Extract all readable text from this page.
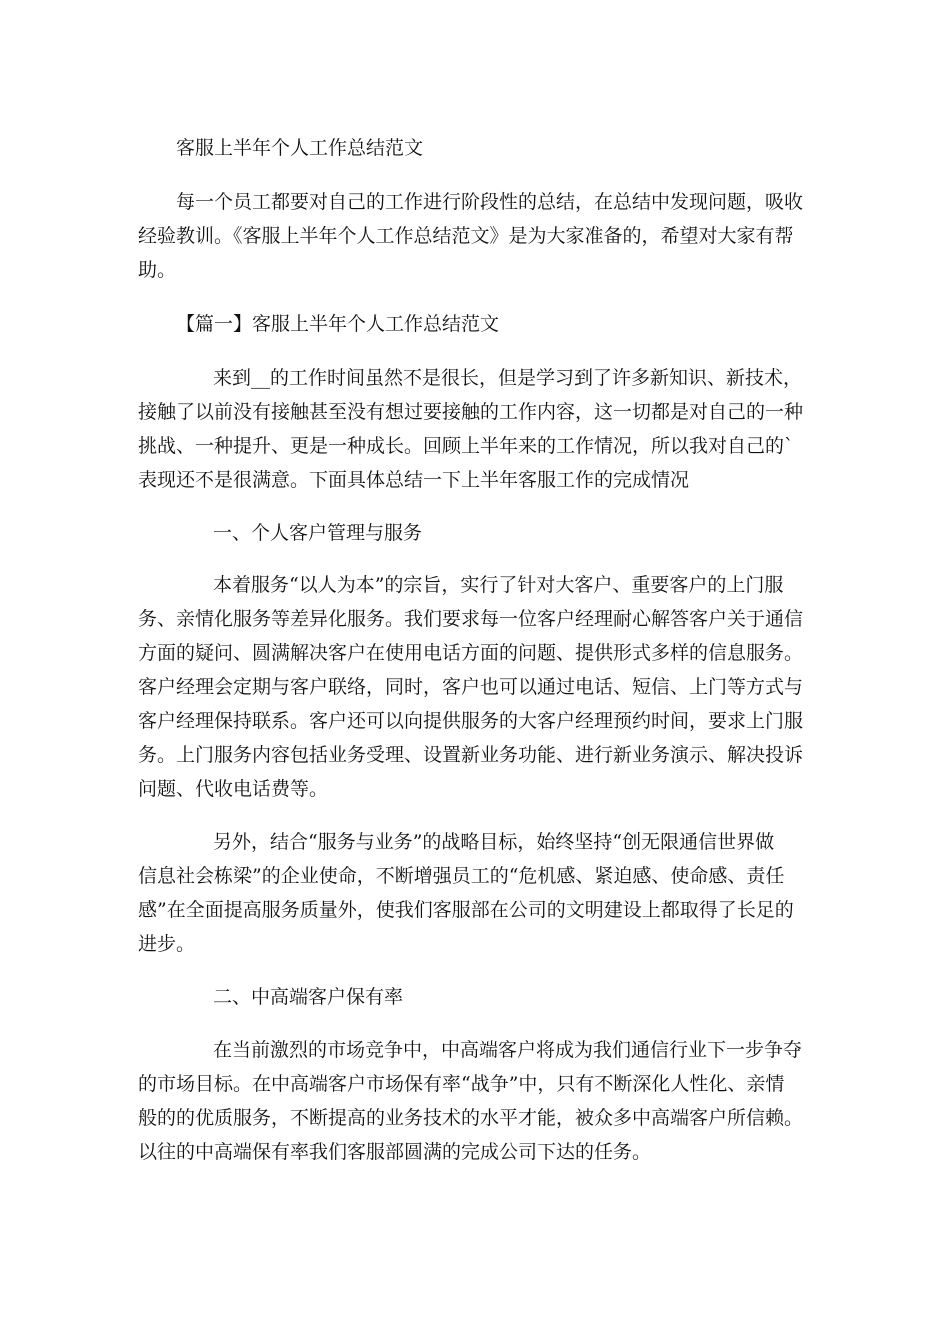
客服上半年个人工作总结范文
每一个员工都要对自己的工作进行阶段性的总结，在总结中发现问题，吸收
经验教训。《客服上半年个人工作总结范文》是为大家准备的，希望对大家有帮
助。
【篇一】客服上半年个人工作总结范文
来到__的工作时间虽然不是很长，但是学习到了许多新知识、新技术，
接触了以前没有接触甚至没有想过要接触的工作内容，这一切都是对自己的一种
挑战、一种提升、更是一种成长。回顾上半年来的工作情况，所以我对自己的`
表现还不是很满意。下面具体总结一下上半年客服工作的完成情况
一、个人客户管理与服务
本着服务“以人为本”的宗旨，实行了针对大客户、重要客户的上门服
务、亲情化服务等差异化服务。我们要求每一位客户经理耐心解答客户关于通信
方面的疑问、圆满解决客户在使用电话方面的问题、提供形式多样的信息服务。
客户经理会定期与客户联络，同时，客户也可以通过电话、短信、上门等方式与
客户经理保持联系。客户还可以向提供服务的大客户经理预约时间，要求上门服
务。上门服务内容包括业务受理、设置新业务功能、进行新业务演示、解决投诉
问题、代收电话费等。
另外，结合“服务与业务”的战略目标，始终坚持“创无限通信世界做
信息社会栋梁”的企业使命，不断增强员工的“危机感、紧迫感、使命感、责任
感”在全面提高服务质量外，使我们客服部在公司的文明建设上都取得了长足的
进步。
二、中高端客户保有率
在当前激烈的市场竞争中，中高端客户将成为我们通信行业下一步争夺
的市场目标。在中高端客户市场保有率“战争”中，只有不断深化人性化、亲情
般的的优质服务，不断提高的业务技术的水平才能，被众多中高端客户所信赖。
以往的中高端保有率我们客服部圆满的完成公司下达的任务。
